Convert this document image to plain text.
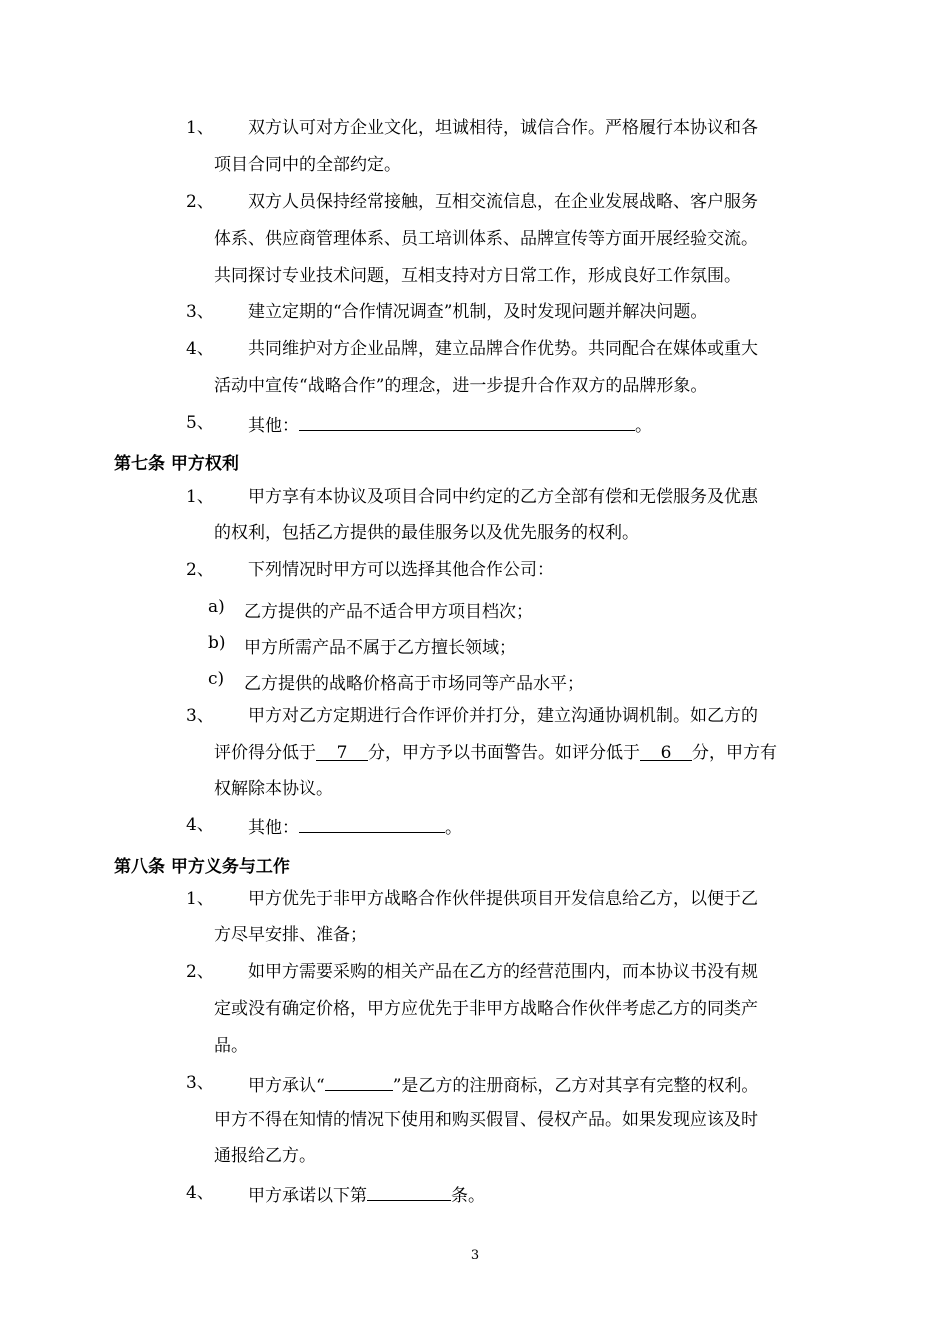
1、 双方认可对方企业文化，坦诚相待，诚信合作。严格履行本协议和各
项目合同中的全部约定。
2、 双方人员保持经常接触，互相交流信息，在企业发展战略、客户服务
体系、供应商管理体系、员工培训体系、品牌宣传等方面开展经验交流。
共同探讨专业技术问题，互相支持对方日常工作，形成良好工作氛围。
3、 建立定期的“合作情况调查”机制，及时发现问题并解决问题。
4、 共同维护对方企业品牌，建立品牌合作优势。共同配合在媒体或重大
活动中宣传“战略合作”的理念，进一步提升合作双方的品牌形象。
5、 其他：	。
第七条 甲方权利
1、 甲方享有本协议及项目合同中约定的乙方全部有偿和无偿服务及优惠
的权利，包括乙方提供的最佳服务以及优先服务的权利。
2、 下列情况时甲方可以选择其他合作公司：
a) 乙方提供的产品不适合甲方项目档次；
b) 甲方所需产品不属于乙方擅长领域；
c) 乙方提供的战略价格高于市场同等产品水平；
3、 甲方对乙方定期进行合作评价并打分，建立沟通协调机制。如乙方的
评价得分低于 7 分，甲方予以书面警告。如评分低于 6 分，甲方有
权解除本协议。
4、 其他：	。
第八条 甲方义务与工作
1、 甲方优先于非甲方战略合作伙伴提供项目开发信息给乙方，以便于乙
方尽早安排、准备；
2、 如甲方需要采购的相关产品在乙方的经营范围内，而本协议书没有规
定或没有确定价格，甲方应优先于非甲方战略合作伙伴考虑乙方的同类产
品。
3、 甲方承认“	”是乙方的注册商标，乙方对其享有完整的权利。
甲方不得在知情的情况下使用和购买假冒、侵权产品。如果发现应该及时
通报给乙方。
4、 甲方承诺以下第	条。
3
